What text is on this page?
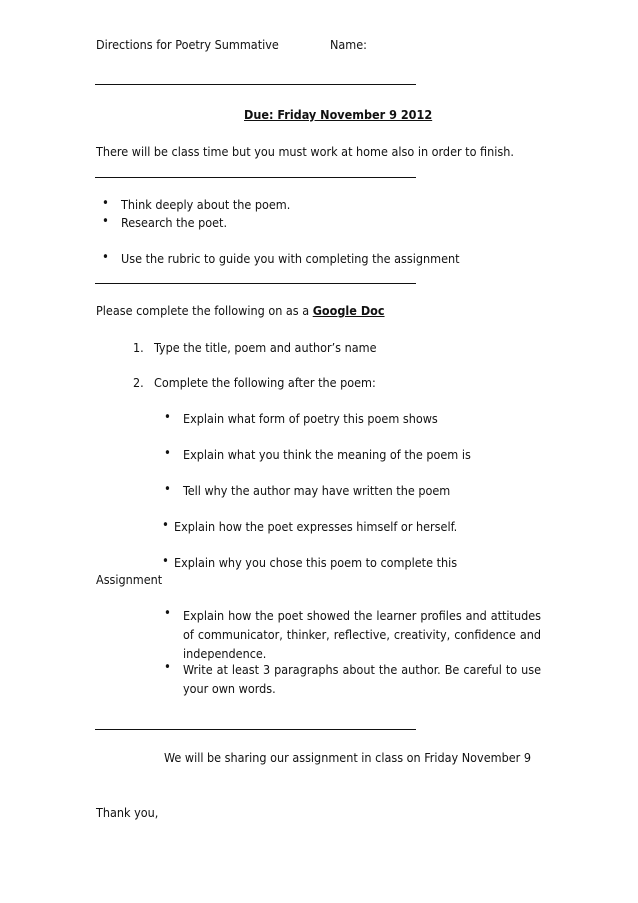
Directions for Poetry Summative	Name:
Due: Friday November 9 2012
There will be class time but you must work at home also in order to finish.
• Think deeply about the poem.
• Research the poet.
• Use the rubric to guide you with completing the assignment
Please complete the following on as a Google Doc
1. Type the title, poem and author’s name
2. Complete the following after the poem:
• Explain what form of poetry this poem shows
• Explain what you think the meaning of the poem is
• Tell why the author may have written the poem
• Explain how the poet expresses himself or herself.
• Explain why you chose this poem to complete this
Assignment
• Explain how the poet showed the learner profiles and attitudes of communicator, thinker, reflective, creativity, confidence and independence.
• Write at least 3 paragraphs about the author. Be careful to use your own words.
We will be sharing our assignment in class on Friday November 9
Thank you,
